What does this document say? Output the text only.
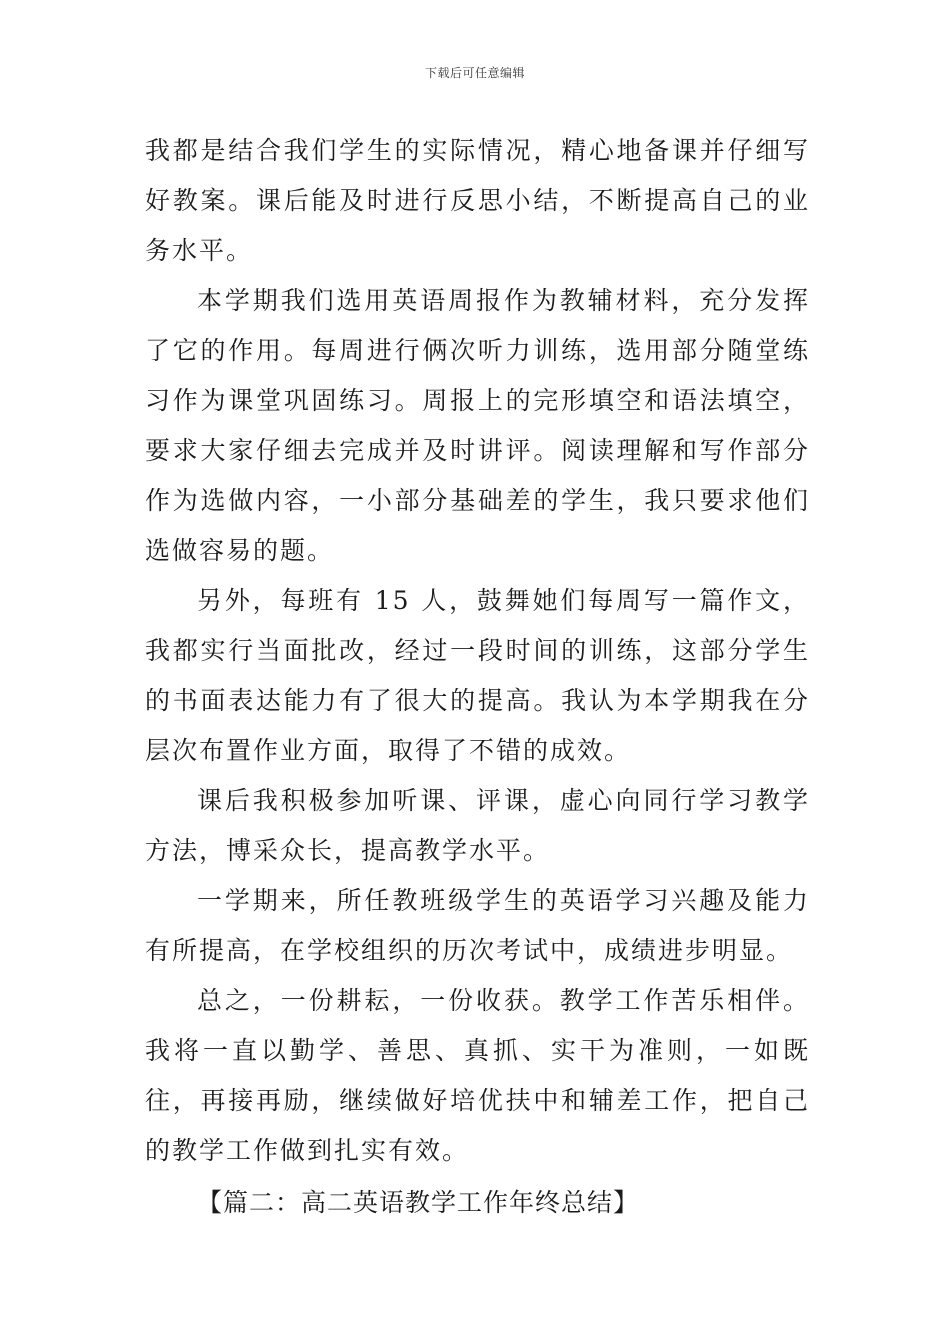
下载后可任意编辑

我都是结合我们学生的实际情况，精心地备课并仔细写好教案。课后能及时进行反思小结，不断提高自己的业务水平。

本学期我们选用英语周报作为教辅材料，充分发挥了它的作用。每周进行俩次听力训练，选用部分随堂练习作为课堂巩固练习。周报上的完形填空和语法填空，要求大家仔细去完成并及时讲评。阅读理解和写作部分作为选做内容，一小部分基础差的学生，我只要求他们选做容易的题。

另外，每班有 15 人，鼓舞她们每周写一篇作文，我都实行当面批改，经过一段时间的训练，这部分学生的书面表达能力有了很大的提高。我认为本学期我在分层次布置作业方面，取得了不错的成效。

课后我积极参加听课、评课，虚心向同行学习教学方法，博采众长，提高教学水平。

一学期来，所任教班级学生的英语学习兴趣及能力有所提高，在学校组织的历次考试中，成绩进步明显。

总之，一份耕耘，一份收获。教学工作苦乐相伴。我将一直以勤学、善思、真抓、实干为准则，一如既往，再接再励，继续做好培优扶中和辅差工作，把自己的教学工作做到扎实有效。

【篇二：高二英语教学工作年终总结】
